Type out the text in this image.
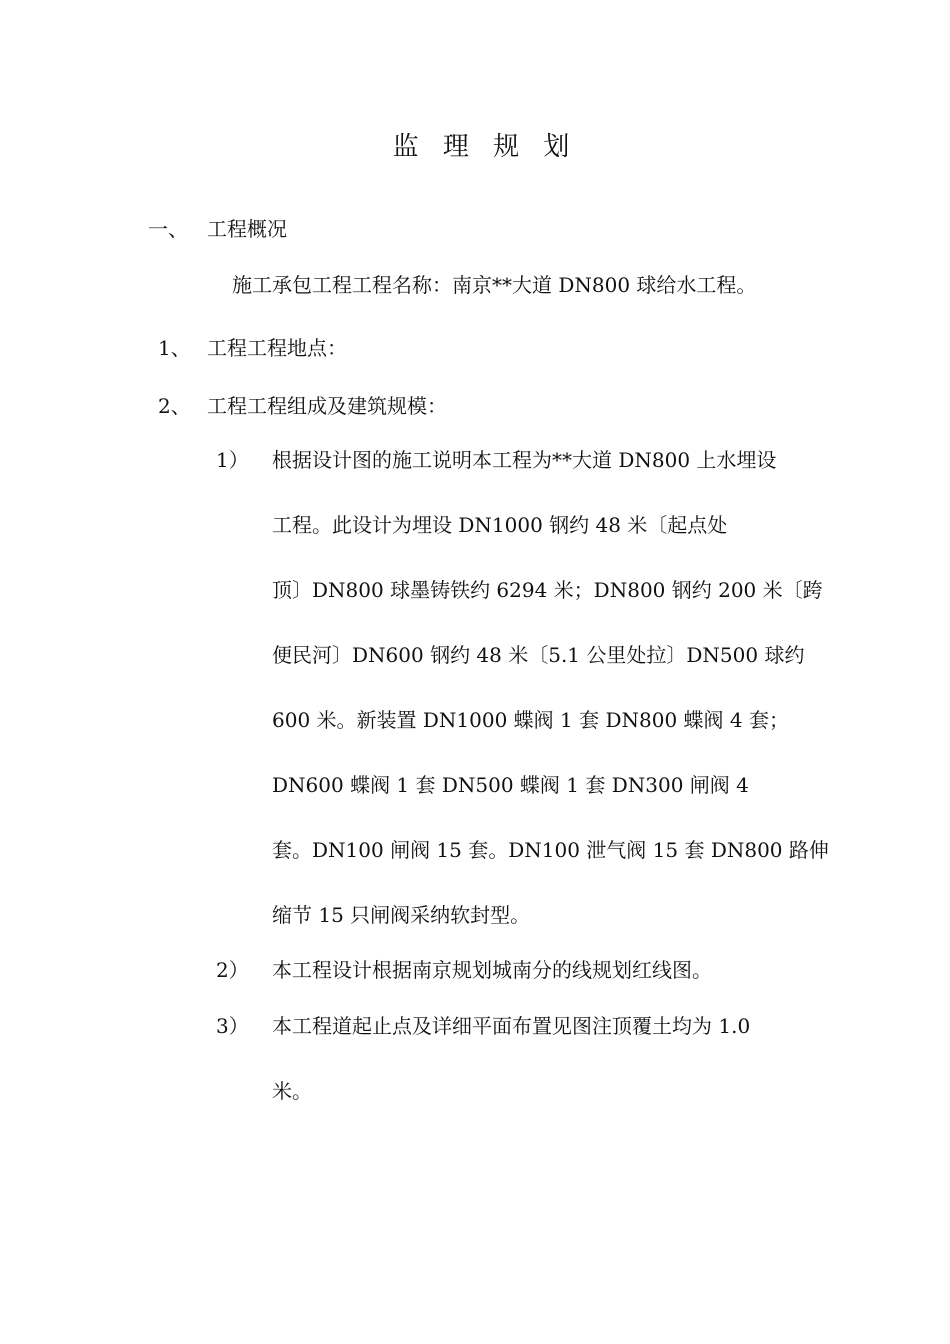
监 理 规 划
一、 工程概况
施工承包工程工程名称：南京**大道 DN800 球给水工程。
1、 工程工程地点：
2、 工程工程组成及建筑规模：
1） 根据设计图的施工说明本工程为**大道 DN800 上水埋设
工程。此设计为埋设 DN1000 钢约 48 米〔起点处
顶〕DN800 球墨铸铁约 6294 米；DN800 钢约 200 米〔跨
便民河〕DN600 钢约 48 米〔5.1 公里处拉〕DN500 球约
600 米。新装置 DN1000 蝶阀 1 套 DN800 蝶阀 4 套；
DN600 蝶阀 1 套 DN500 蝶阀 1 套 DN300 闸阀 4
套。DN100 闸阀 15 套。DN100 泄气阀 15 套 DN800 路伸
缩节 15 只闸阀采纳软封型。
2） 本工程设计根据南京规划城南分的线规划红线图。
3） 本工程道起止点及详细平面布置见图注顶覆土均为 1.0
米。
